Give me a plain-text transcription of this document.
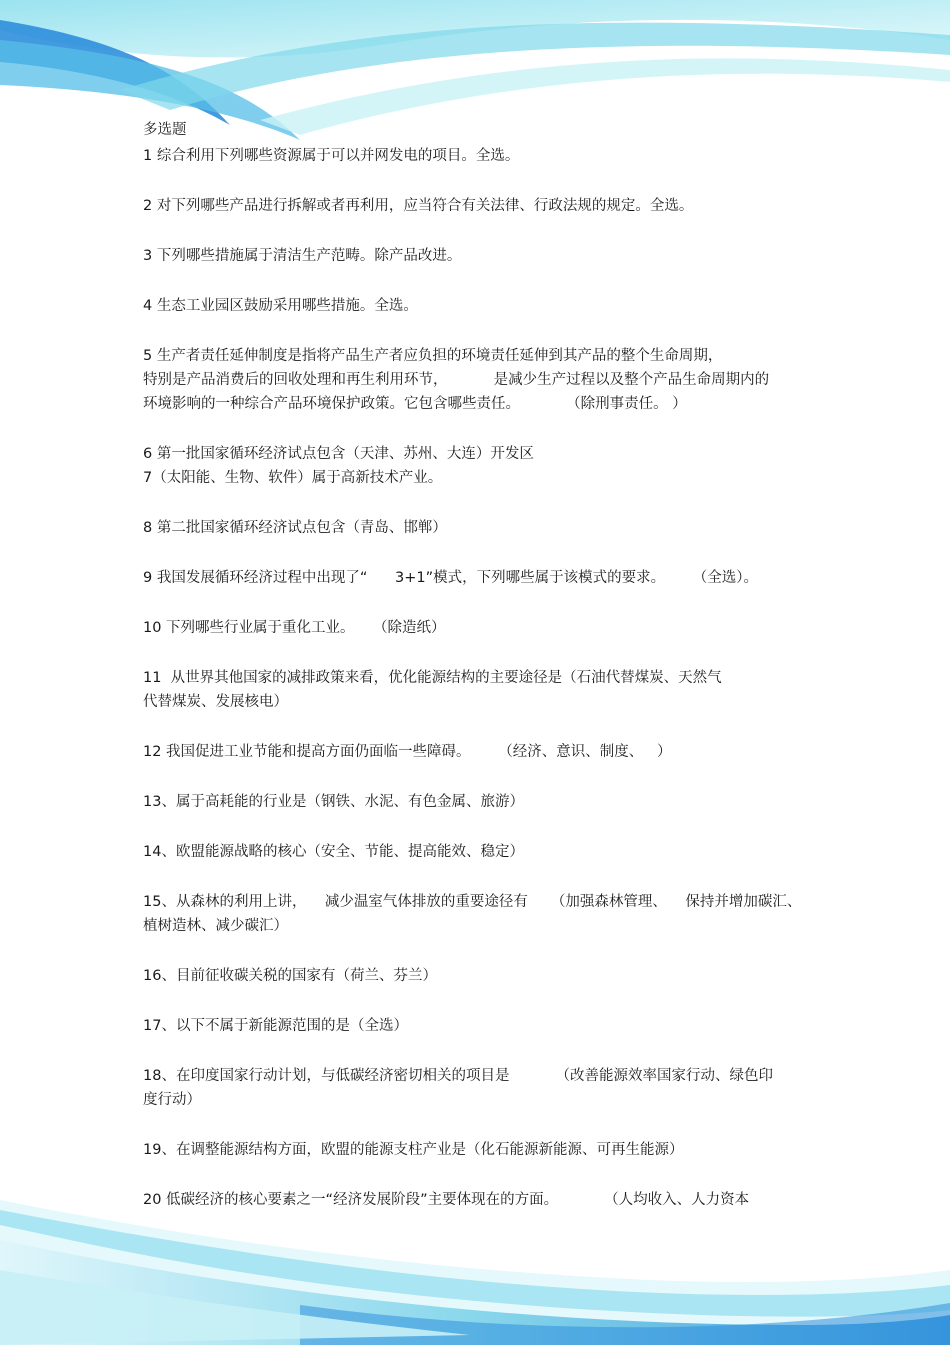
多选题
1 综合利用下列哪些资源属于可以并网发电的项目。全选。
2 对下列哪些产品进行拆解或者再利用，应当符合有关法律、行政法规的规定。全选。
3 下列哪些措施属于清洁生产范畴。除产品改进。
4 生态工业园区鼓励采用哪些措施。全选。
5 生产者责任延伸制度是指将产品生产者应负担的环境责任延伸到其产品的整个生命周期，
特别是产品消费后的回收处理和再生利用环节，          是减少生产过程以及整个产品生命周期内的
环境影响的一种综合产品环境保护政策。它包含哪些责任。          （除刑事责任。 ）
6 第一批国家循环经济试点包含（天津、苏州、大连）开发区
7（太阳能、生物、软件）属于高新技术产业。
8 第二批国家循环经济试点包含（青岛、邯郸）
9 我国发展循环经济过程中出现了“      3+1”模式，下列哪些属于该模式的要求。      （全选）。
10 下列哪些行业属于重化工业。    （除造纸）
11  从世界其他国家的减排政策来看，优化能源结构的主要途径是（石油代替煤炭、天然气
代替煤炭、发展核电）
12 我国促进工业节能和提高方面仍面临一些障碍。      （经济、意识、制度、   ）
13、属于高耗能的行业是（钢铁、水泥、有色金属、旅游）
14、欧盟能源战略的核心（安全、节能、提高能效、稳定）
15、从森林的利用上讲，    减少温室气体排放的重要途径有     （加强森林管理、    保持并增加碳汇、
植树造林、减少碳汇）
16、目前征收碳关税的国家有（荷兰、芬兰）
17、以下不属于新能源范围的是（全选）
18、在印度国家行动计划，与低碳经济密切相关的项目是          （改善能源效率国家行动、绿色印
度行动）
19、在调整能源结构方面，欧盟的能源支柱产业是（化石能源新能源、可再生能源）
20 低碳经济的核心要素之一“经济发展阶段”主要体现在的方面。          （人均收入、人力资本
